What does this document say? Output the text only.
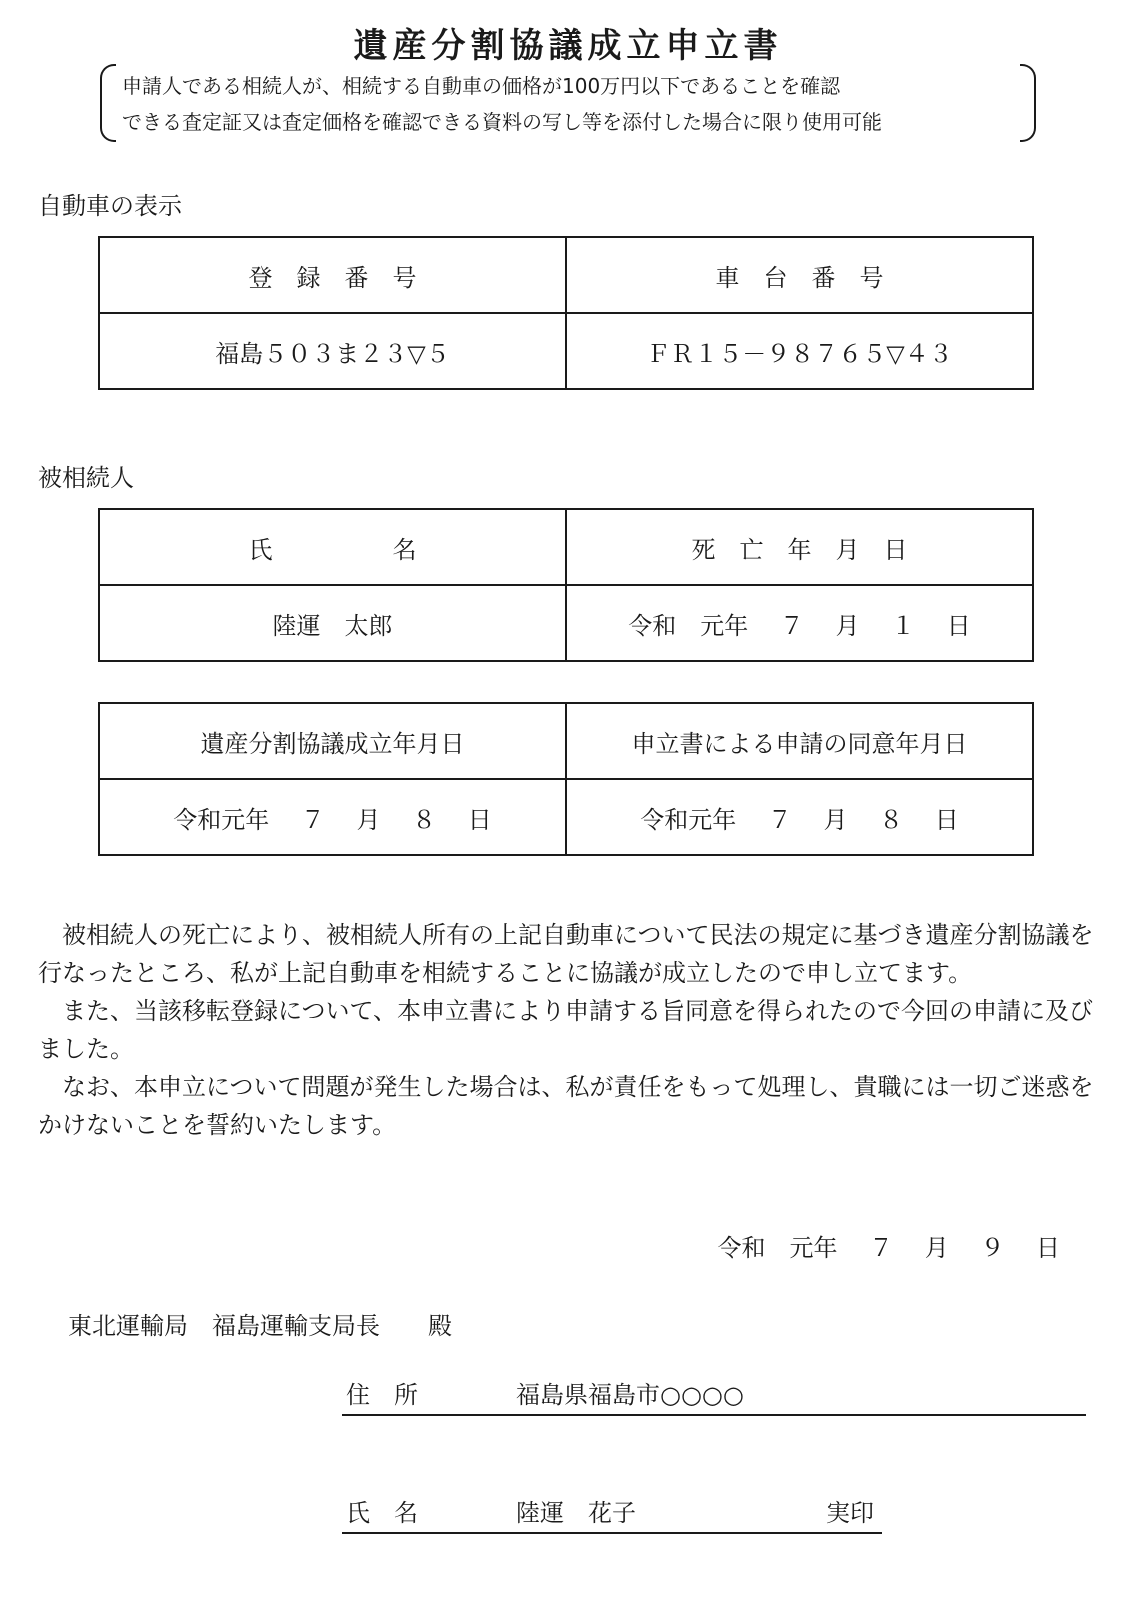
遺産分割協議成立申立書
申請人である相続人が、相続する自動車の価格が100万円以下であることを確認
できる査定証又は査定価格を確認できる資料の写し等を添付した場合に限り使用可能
自動車の表示
登　録　番　号	車　台　番　号
福島５０３ま２３▽５	ＦＲ１５－９８７６５▽４３
被相続人
氏　　　　　名	死　亡　年　月　日
陸運　太郎	令和　元年　 ７　 月　 １　 日
遺産分割協議成立年月日	申立書による申請の同意年月日
令和元年　 ７　 月　 ８　 日	令和元年　 ７　 月　 ８　 日

被相続人の死亡により、被相続人所有の上記自動車について民法の規定に基づき遺産分割協議を行なったところ、私が上記自動車を相続することに協議が成立したので申し立てます。

また、当該移転登録について、本申立書により申請する旨同意を得られたので今回の申請に及びました。

なお、本申立について問題が発生した場合は、私が責任をもって処理し、貴職には一切ご迷惑をかけないことを誓約いたします。

令和　元年　 ７　 月　 ９　 日
東北運輸局　福島運輸支局長　　殿
住　所	福島県福島市○○○○
氏　名	陸運　花子	実印
